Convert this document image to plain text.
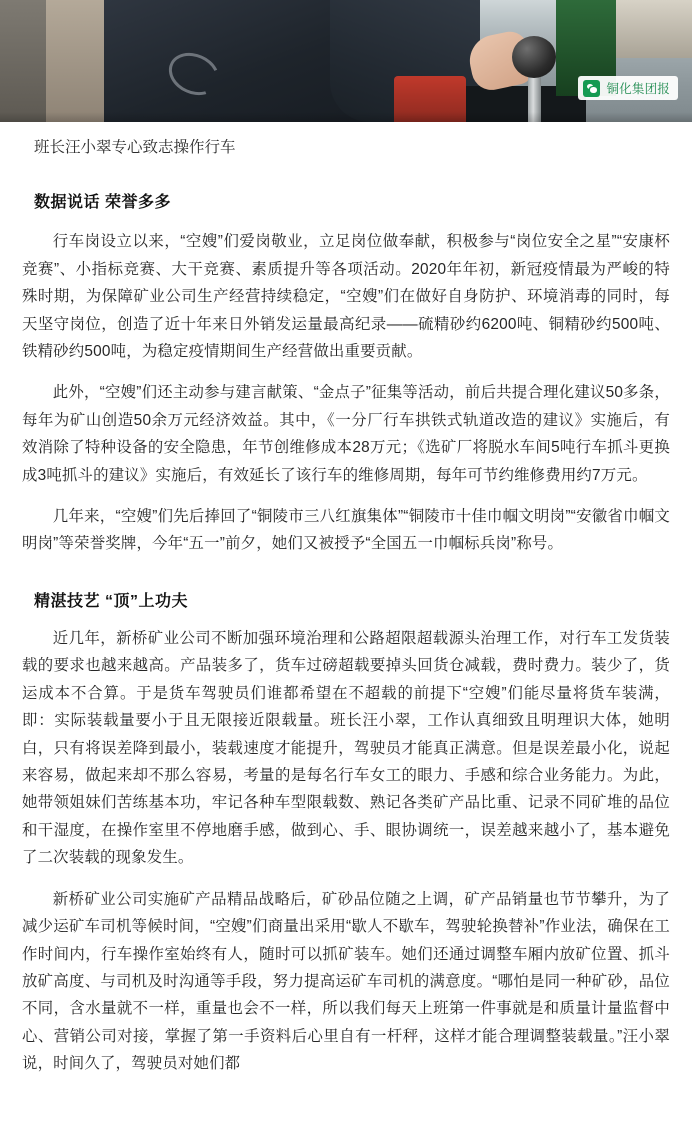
铜化集团报
班长汪小翠专心致志操作行车
数据说话 荣誉多多

行车岗设立以来，“空嫂”们爱岗敬业，立足岗位做奉献，积极参与“岗位安全之星”“安康杯竞赛”、小指标竞赛、大干竞赛、素质提升等各项活动。2020年年初，新冠疫情最为严峻的特殊时期，为保障矿业公司生产经营持续稳定，“空嫂”们在做好自身防护、环境消毒的同时，每天坚守岗位，创造了近十年来日外销发运量最高纪录——硫精砂约6200吨、铜精砂约500吨、铁精砂约500吨，为稳定疫情期间生产经营做出重要贡献。

此外，“空嫂”们还主动参与建言献策、“金点子”征集等活动，前后共提合理化建议50多条，每年为矿山创造50余万元经济效益。其中，《一分厂行车拱铁式轨道改造的建议》实施后，有效消除了特种设备的安全隐患，年节创维修成本28万元；《选矿厂将脱水车间5吨行车抓斗更换成3吨抓斗的建议》实施后，有效延长了该行车的维修周期，每年可节约维修费用约7万元。

几年来，“空嫂”们先后捧回了“铜陵市三八红旗集体”“铜陵市十佳巾帼文明岗”“安徽省巾帼文明岗”等荣誉奖牌，今年“五一”前夕，她们又被授予“全国五一巾帼标兵岗”称号。

精湛技艺 “顶”上功夫

近几年，新桥矿业公司不断加强环境治理和公路超限超载源头治理工作，对行车工发货装载的要求也越来越高。产品装多了，货车过磅超载要掉头回货仓减载，费时费力。装少了，货运成本不合算。于是货车驾驶员们谁都希望在不超载的前提下“空嫂”们能尽量将货车装满，即：实际装载量要小于且无限接近限载量。班长汪小翠，工作认真细致且明理识大体，她明白，只有将误差降到最小，装载速度才能提升，驾驶员才能真正满意。但是误差最小化，说起来容易，做起来却不那么容易，考量的是每名行车女工的眼力、手感和综合业务能力。为此，她带领姐妹们苦练基本功，牢记各种车型限载数、熟记各类矿产品比重、记录不同矿堆的品位和干湿度，在操作室里不停地磨手感，做到心、手、眼协调统一，误差越来越小了，基本避免了二次装载的现象发生。

新桥矿业公司实施矿产品精品战略后，矿砂品位随之上调，矿产品销量也节节攀升，为了减少运矿车司机等候时间，“空嫂”们商量出采用“歇人不歇车，驾驶轮换替补”作业法，确保在工作时间内，行车操作室始终有人，随时可以抓矿装车。她们还通过调整车厢内放矿位置、抓斗放矿高度、与司机及时沟通等手段，努力提高运矿车司机的满意度。“哪怕是同一种矿砂，品位不同，含水量就不一样，重量也会不一样，所以我们每天上班第一件事就是和质量计量监督中心、营销公司对接，掌握了第一手资料后心里自有一杆秤，这样才能合理调整装载量。”汪小翠说，时间久了，驾驶员对她们都
